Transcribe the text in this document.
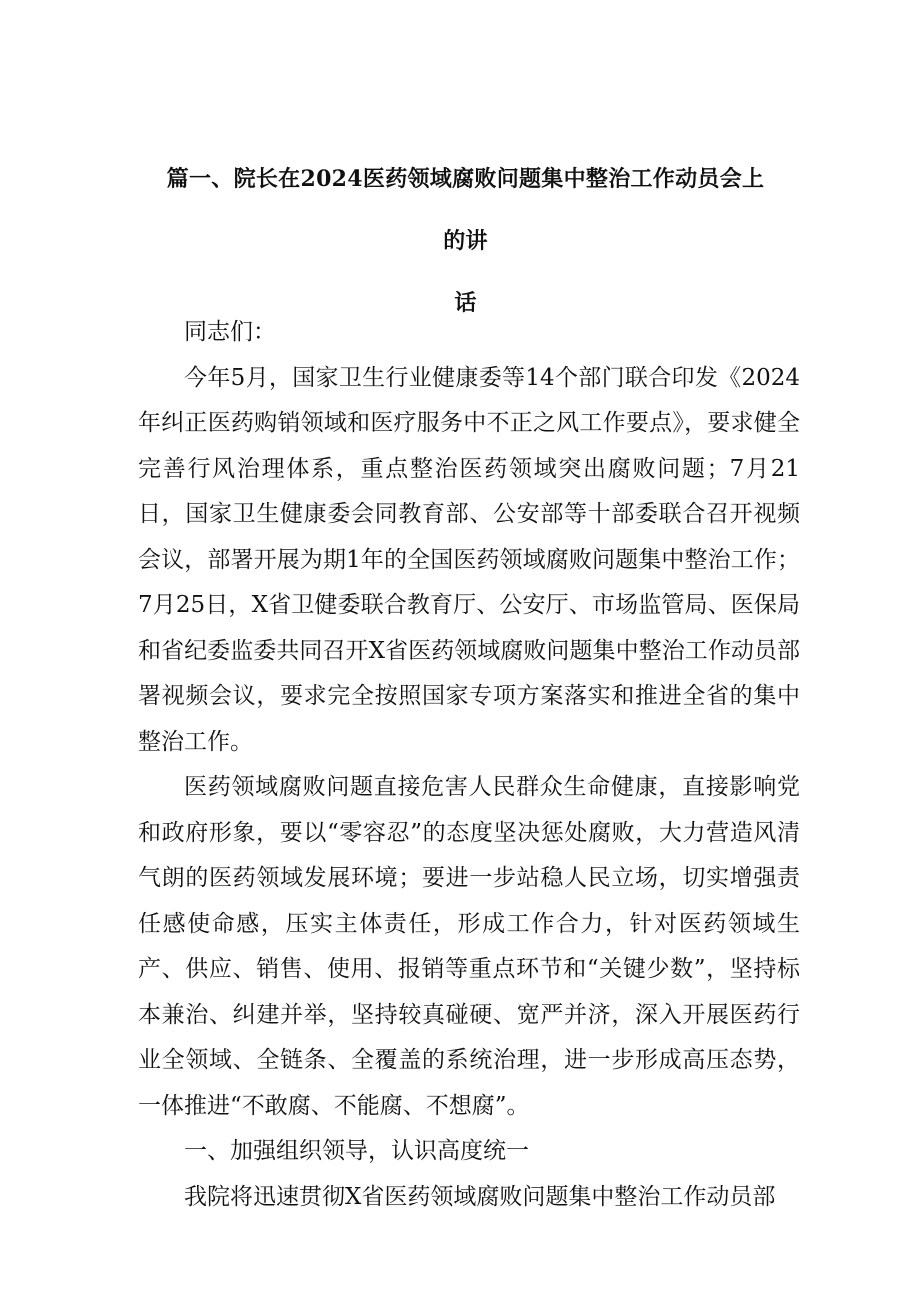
篇一、院长在2024医药领域腐败问题集中整治工作动员会上的讲
话

同志们：

今年5月，国家卫生行业健康委等14个部门联合印发《2024年纠正医药购销领域和医疗服务中不正之风工作要点》，要求健全完善行风治理体系，重点整治医药领域突出腐败问题；7月21日，国家卫生健康委会同教育部、公安部等十部委联合召开视频会议，部署开展为期1年的全国医药领域腐败问题集中整治工作；7月25日，X省卫健委联合教育厅、公安厅、市场监管局、医保局和省纪委监委共同召开X省医药领域腐败问题集中整治工作动员部署视频会议，要求完全按照国家专项方案落实和推进全省的集中整治工作。

医药领域腐败问题直接危害人民群众生命健康，直接影响党和政府形象，要以“零容忍”的态度坚决惩处腐败，大力营造风清气朗的医药领域发展环境；要进一步站稳人民立场，切实增强责任感使命感，压实主体责任，形成工作合力，针对医药领域生产、供应、销售、使用、报销等重点环节和“关键少数”，坚持标本兼治、纠建并举，坚持较真碰硬、宽严并济，深入开展医药行业全领域、全链条、全覆盖的系统治理，进一步形成高压态势，一体推进“不敢腐、不能腐、不想腐”。

一、加强组织领导，认识高度统一

我院将迅速贯彻X省医药领域腐败问题集中整治工作动员部
